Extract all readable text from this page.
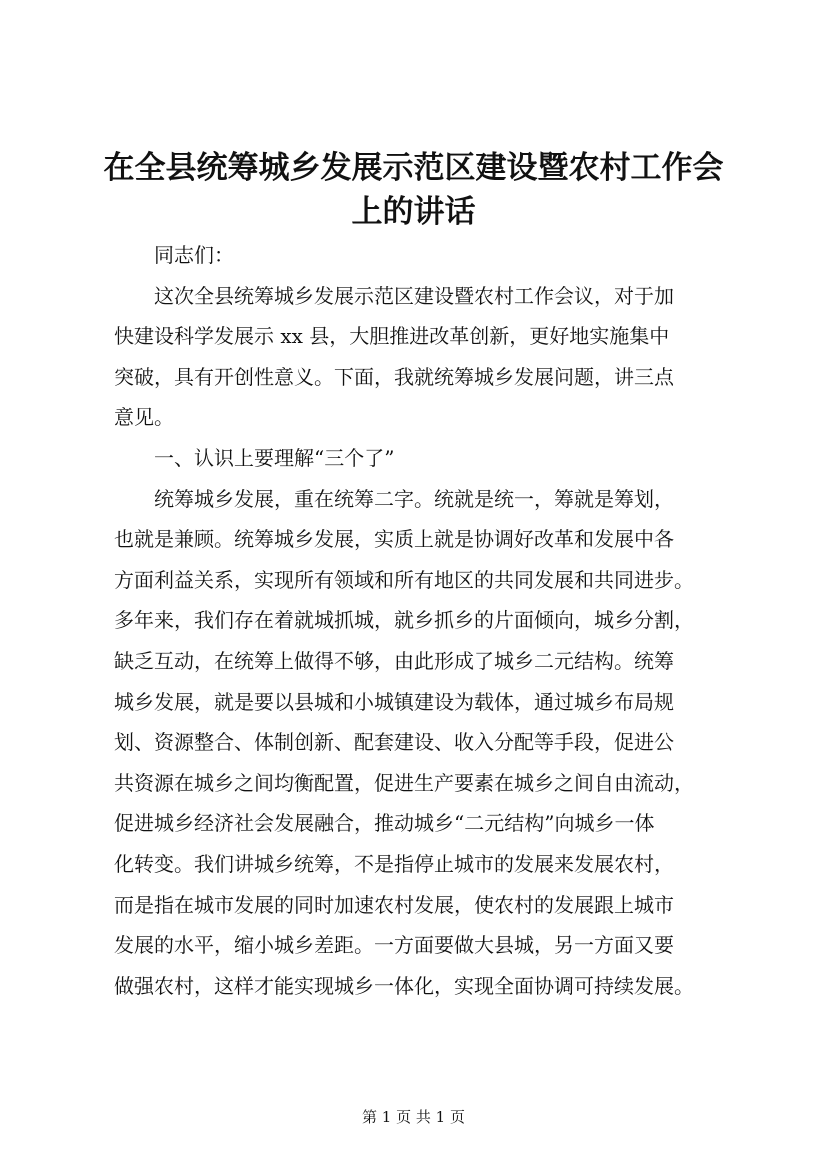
在全县统筹城乡发展示范区建设暨农村工作会
上的讲话

同志们：

这次全县统筹城乡发展示范区建设暨农村工作会议，对于加
快建设科学发展示 xx 县，大胆推进改革创新，更好地实施集中
突破，具有开创性意义。下面，我就统筹城乡发展问题，讲三点
意见。

一、认识上要理解“三个了”

统筹城乡发展，重在统筹二字。统就是统一，筹就是筹划，
也就是兼顾。统筹城乡发展，实质上就是协调好改革和发展中各
方面利益关系，实现所有领域和所有地区的共同发展和共同进步。
多年来，我们存在着就城抓城，就乡抓乡的片面倾向，城乡分割，
缺乏互动，在统筹上做得不够，由此形成了城乡二元结构。统筹
城乡发展，就是要以县城和小城镇建设为载体，通过城乡布局规
划、资源整合、体制创新、配套建设、收入分配等手段，促进公
共资源在城乡之间均衡配置，促进生产要素在城乡之间自由流动，
促进城乡经济社会发展融合，推动城乡“二元结构”向城乡一体
化转变。我们讲城乡统筹，不是指停止城市的发展来发展农村，
而是指在城市发展的同时加速农村发展，使农村的发展跟上城市
发展的水平，缩小城乡差距。一方面要做大县城，另一方面又要
做强农村，这样才能实现城乡一体化，实现全面协调可持续发展。

第 1 页 共 1 页
